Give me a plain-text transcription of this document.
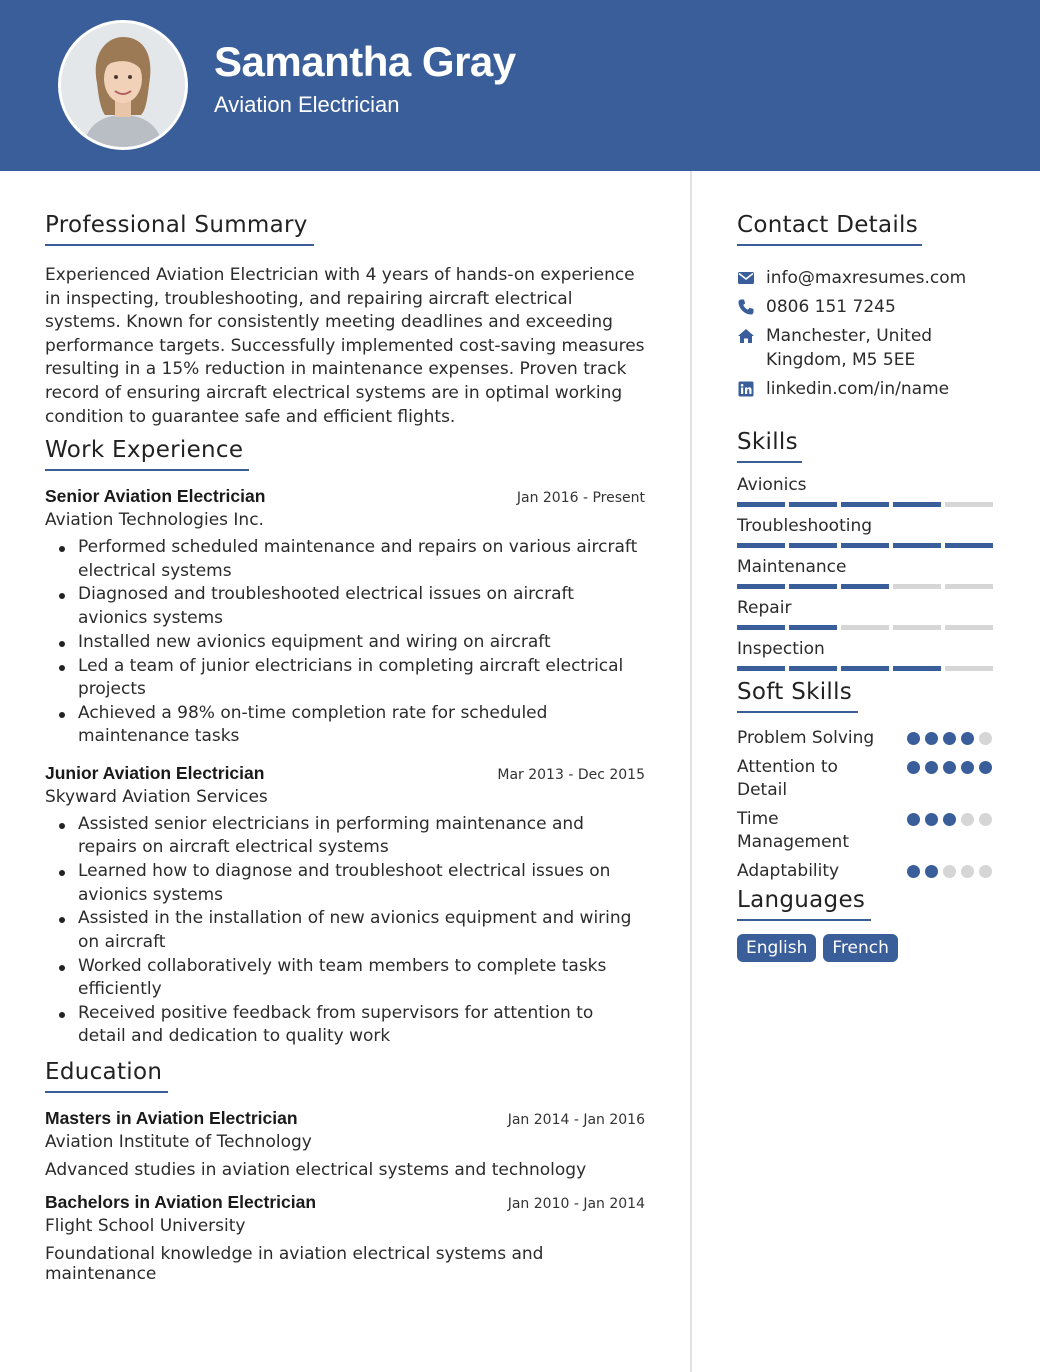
Samantha Gray
Aviation Electrician
Professional Summary

Experienced Aviation Electrician with 4 years of hands-on experience in inspecting, troubleshooting, and repairing aircraft electrical systems. Known for consistently meeting deadlines and exceeding performance targets. Successfully implemented cost-saving measures resulting in a 15% reduction in maintenance expenses. Proven track record of ensuring aircraft electrical systems are in optimal working condition to guarantee safe and efficient flights.

Work Experience
Senior Aviation Electrician	Jan 2016 - Present
Aviation Technologies Inc.
Performed scheduled maintenance and repairs on various aircraft electrical systems
Diagnosed and troubleshooted electrical issues on aircraft avionics systems
Installed new avionics equipment and wiring on aircraft
Led a team of junior electricians in completing aircraft electrical projects
Achieved a 98% on-time completion rate for scheduled maintenance tasks
Junior Aviation Electrician	Mar 2013 - Dec 2015
Skyward Aviation Services
Assisted senior electricians in performing maintenance and repairs on aircraft electrical systems
Learned how to diagnose and troubleshoot electrical issues on avionics systems
Assisted in the installation of new avionics equipment and wiring on aircraft
Worked collaboratively with team members to complete tasks efficiently
Received positive feedback from supervisors for attention to detail and dedication to quality work
Education
Masters in Aviation Electrician	Jan 2014 - Jan 2016
Aviation Institute of Technology
Advanced studies in aviation electrical systems and technology
Bachelors in Aviation Electrician	Jan 2010 - Jan 2014
Flight School University
Foundational knowledge in aviation electrical systems and maintenance
Contact Details
info@maxresumes.com
0806 151 7245
Manchester, United Kingdom, M5 5EE
linkedin.com/in/name
Skills
Avionics
Troubleshooting
Maintenance
Repair
Inspection
Soft Skills
Problem Solving
Attention to Detail
Time Management
Adaptability
Languages
English	French
